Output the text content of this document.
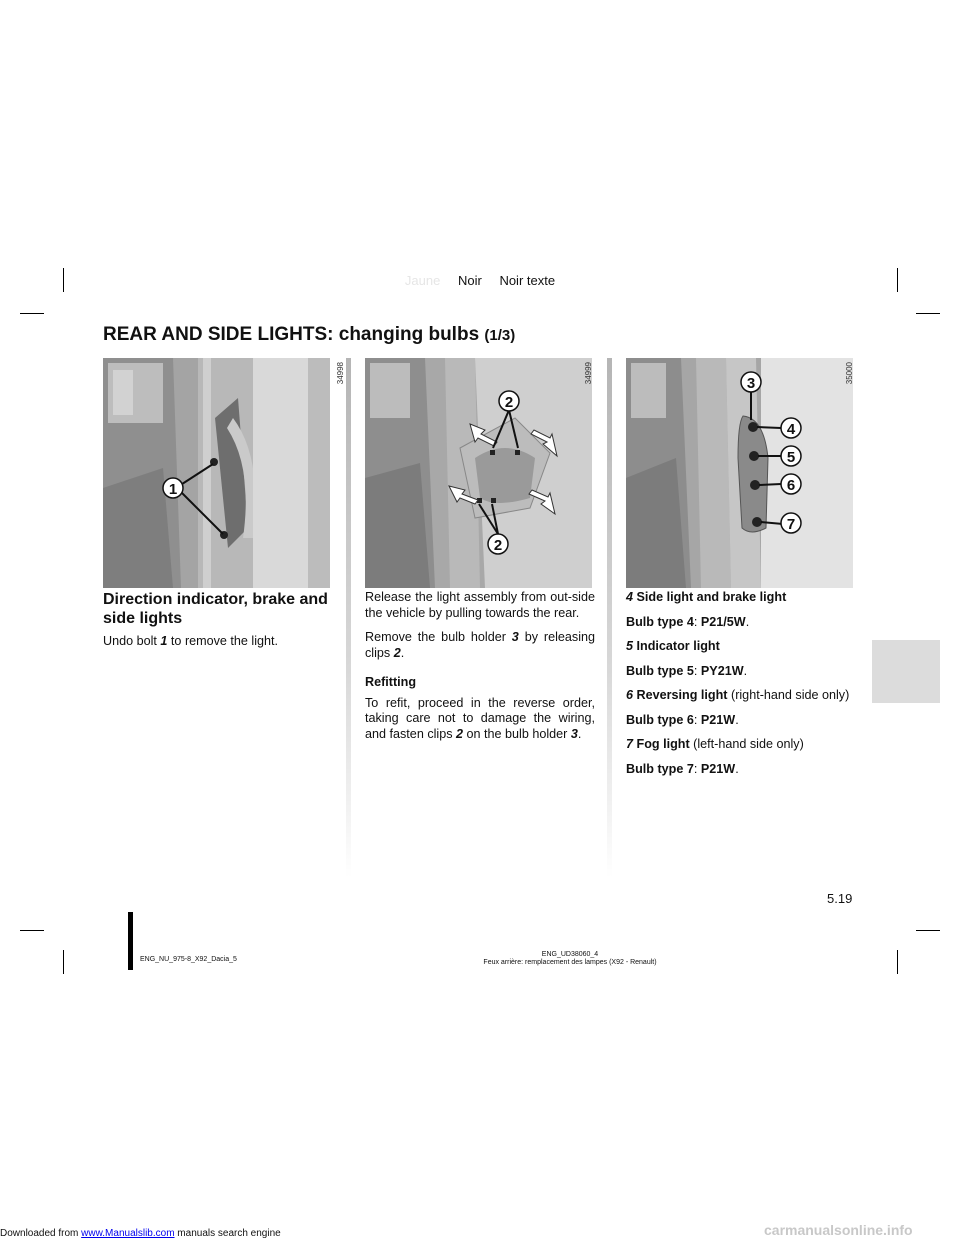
Jaune Noir Noir texte
REAR AND SIDE LIGHTS: changing bulbs (1/3)
1
34998
2
2
34999	3
4
5
6
7
35000
Direction indicator, brake and side lights

Undo bolt 1 to remove the light.

Release the light assembly from out-side the vehicle by pulling towards the rear.

Remove the bulb holder 3 by releasing clips 2.

Refitting

To refit, proceed in the reverse order, taking care not to damage the wiring, and fasten clips 2 on the bulb holder 3.

4 Side light and brake light

Bulb type 4: P21/5W.

5 Indicator light

Bulb type 5: PY21W.

6 Reversing light (right-hand side only)

Bulb type 6: P21W.

7 Fog light (left-hand side only)

Bulb type 7: P21W.

5.19
ENG_NU_975-8_X92_Dacia_5
ENG_UD38060_4
Feux arrière: remplacement des lampes (X92 - Renault)
Downloaded from www.Manualslib.com manuals search engine	carmanualsonline.info
